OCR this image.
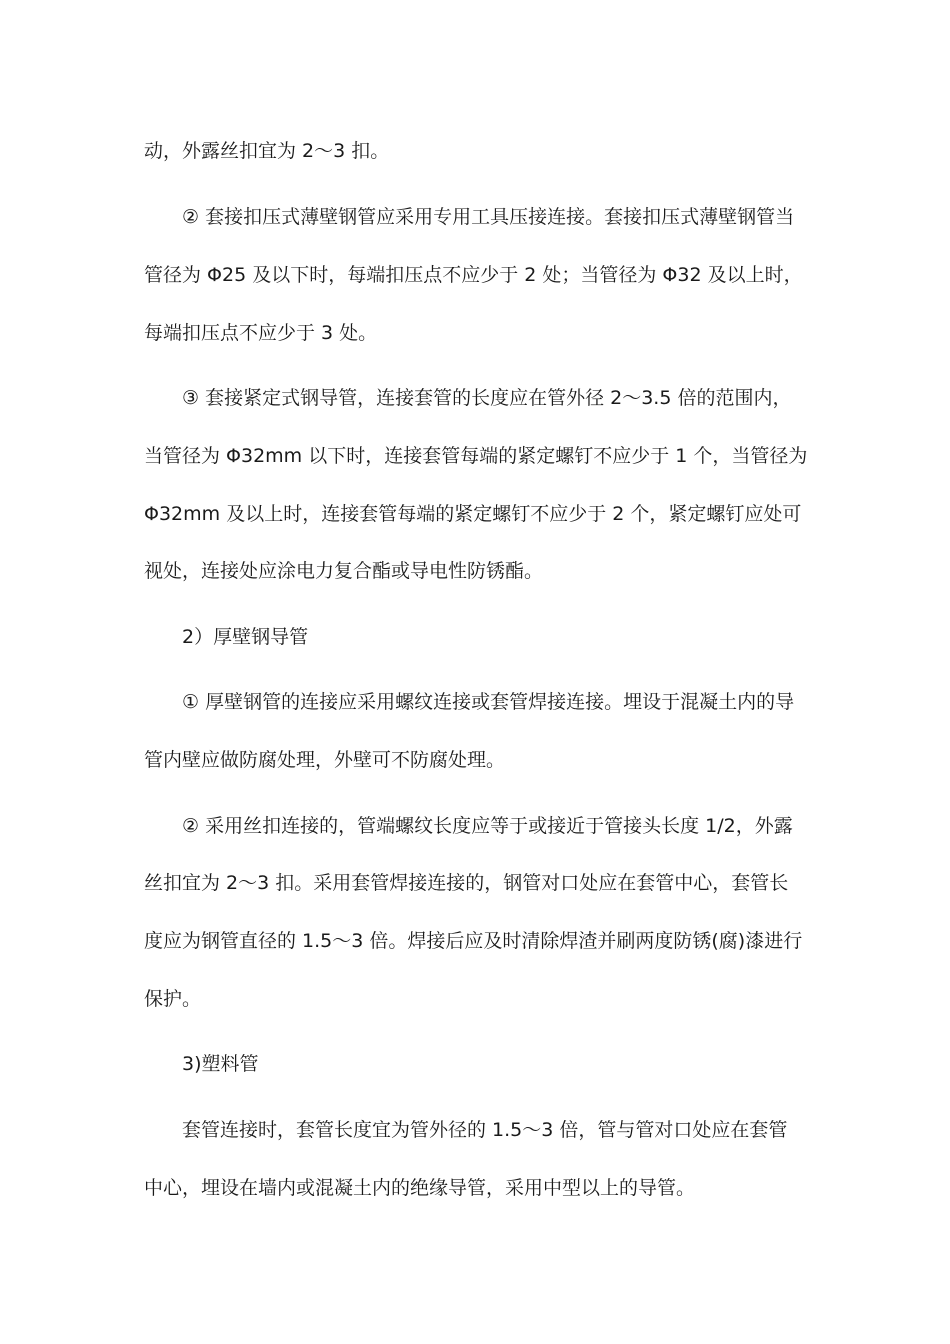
动，外露丝扣宜为 2～3 扣。
② 套接扣压式薄壁钢管应采用专用工具压接连接。套接扣压式薄壁钢管当
管径为 Φ25 及以下时，每端扣压点不应少于 2 处；当管径为 Φ32 及以上时，
每端扣压点不应少于 3 处。
③ 套接紧定式钢导管，连接套管的长度应在管外径 2～3.5 倍的范围内，
当管径为 Φ32mm 以下时，连接套管每端的紧定螺钉不应少于 1 个，当管径为
Φ32mm 及以上时，连接套管每端的紧定螺钉不应少于 2 个，紧定螺钉应处可
视处，连接处应涂电力复合酯或导电性防锈酯。
2）厚壁钢导管
① 厚壁钢管的连接应采用螺纹连接或套管焊接连接。埋设于混凝土内的导
管内壁应做防腐处理，外壁可不防腐处理。
② 采用丝扣连接的，管端螺纹长度应等于或接近于管接头长度 1/2，外露
丝扣宜为 2～3 扣。采用套管焊接连接的，钢管对口处应在套管中心，套管长
度应为钢管直径的 1.5～3 倍。焊接后应及时清除焊渣并刷两度防锈(腐)漆进行
保护。
3)塑料管
套管连接时，套管长度宜为管外径的 1.5～3 倍，管与管对口处应在套管
中心，埋设在墙内或混凝土内的绝缘导管，采用中型以上的导管。
